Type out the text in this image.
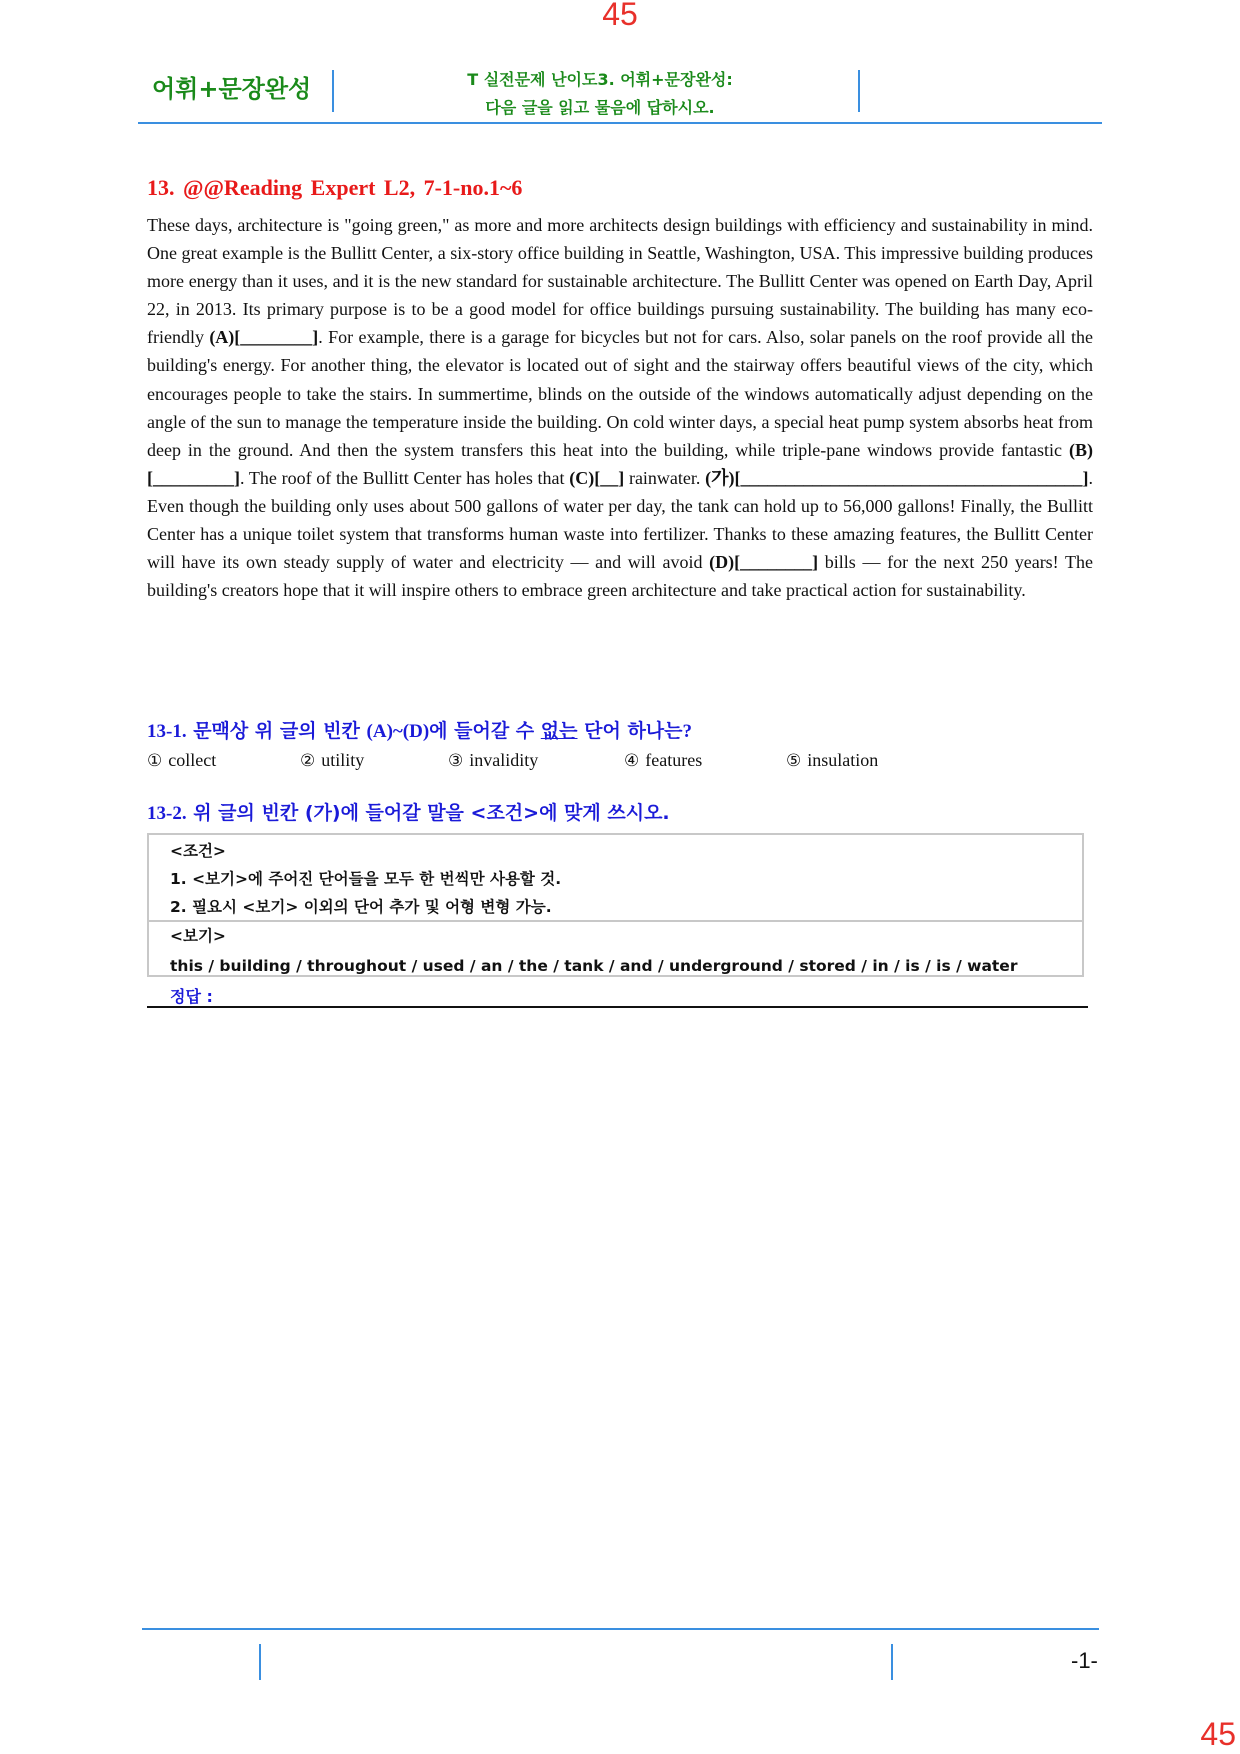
45
어휘+문장완성	T 실전문제 난이도3. 어휘+문장완성:
다음 글을 읽고 물음에 답하시오.
13. @@Reading Expert L2, 7-1-no.1~6

These days, architecture is "going green," as more and more architects design buildings with efficiency and sustainability in mind. One great example is the Bullitt Center, a six-story office building in Seattle, Washington, USA. This impressive building produces more energy than it uses, and it is the new standard for sustainable architecture. The Bullitt Center was opened on Earth Day, April 22, in 2013. Its primary purpose is to be a good model for office buildings pursuing sustainability. The building has many eco-friendly (A)[________]. For example, there is a garage for bicycles but not for cars. Also, solar panels on the roof provide all the building's energy. For another thing, the elevator is located out of sight and the stairway offers beautiful views of the city, which encourages people to take the stairs. In summertime, blinds on the outside of the windows automatically adjust depending on the angle of the sun to manage the temperature inside the building. On cold winter days, a special heat pump system absorbs heat from deep in the ground. And then the system transfers this heat into the building, while triple-pane windows provide fantastic (B)[_________]. The roof of the Bullitt Center has holes that (C)[__] rainwater. (가)[______________________________________]. Even though the building only uses about 500 gallons of water per day, the tank can hold up to 56,000 gallons! Finally, the Bullitt Center has a unique toilet system that transforms human waste into fertilizer. Thanks to these amazing features, the Bullitt Center will have its own steady supply of water and electricity — and will avoid (D)[________] bills — for the next 250 years! The building's creators hope that it will inspire others to embrace green architecture and take practical action for sustainability.

13-1. 문맥상 위 글의 빈칸 (A)~(D)에 들어갈 수 없는 단어 하나는?
① collect	② utility	③ invalidity	④ features	⑤ insulation
13-2. 위 글의 빈칸 (가)에 들어갈 말을 <조건>에 맞게 쓰시오.
<조건>
1. <보기>에 주어진 단어들을 모두 한 번씩만 사용할 것.
2. 필요시 <보기> 이외의 단어 추가 및 어형 변형 가능.
<보기>
this / building / throughout / used / an / the / tank / and / underground / stored / in / is / is / water
정답 :
-1-
45
